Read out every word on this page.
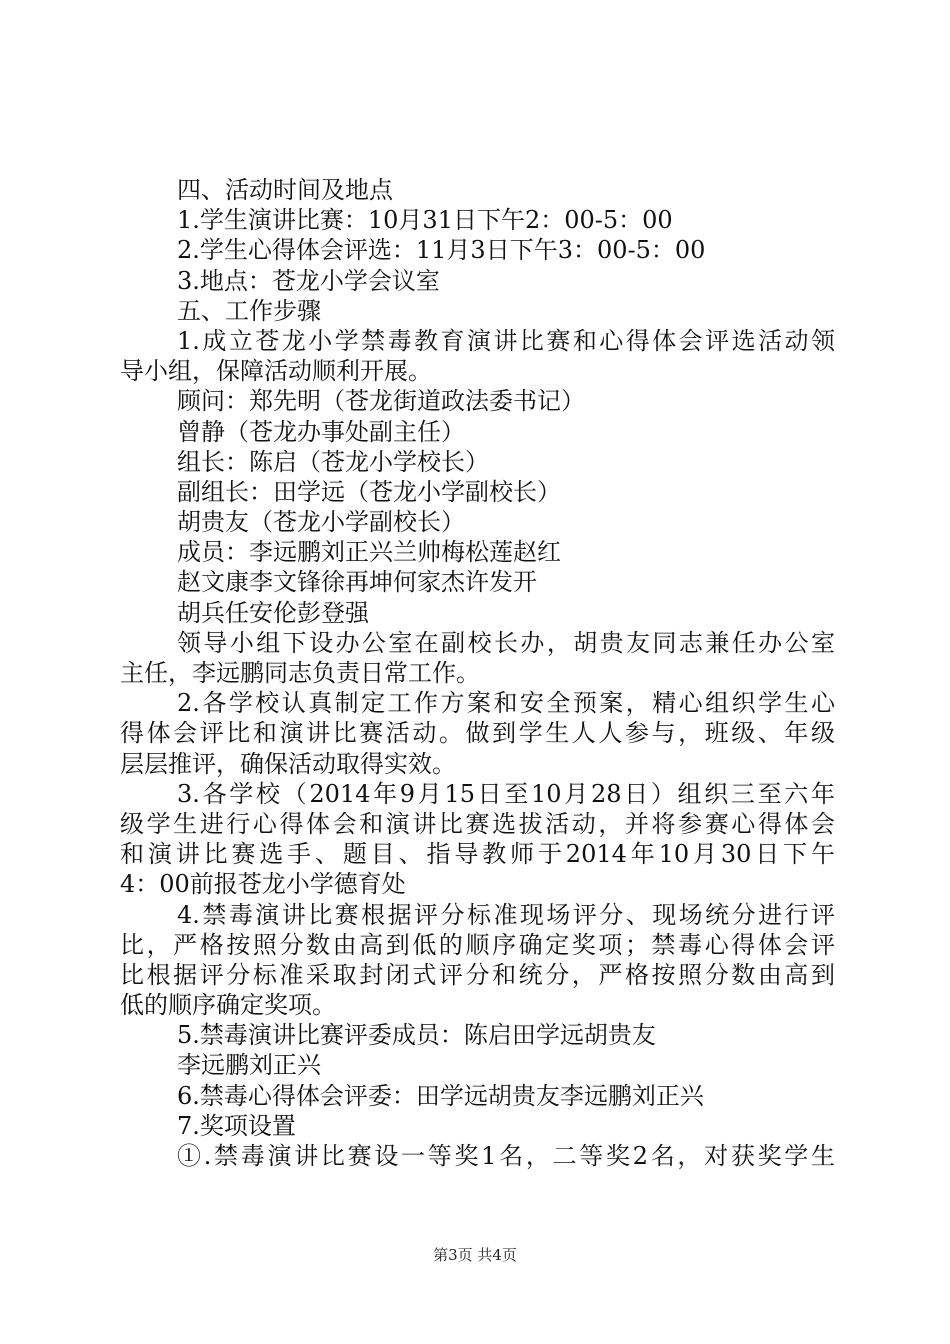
四、活动时间及地点
1.学生演讲比赛：10月31日下午2：00-5：00
2.学生心得体会评选：11月3日下午3：00-5：00
3.地点：苍龙小学会议室
五、工作步骤
1.成立苍龙小学禁毒教育演讲比赛和心得体会评选活动领
导小组，保障活动顺利开展。
顾问：郑先明（苍龙街道政法委书记）
曾静（苍龙办事处副主任）
组长：陈启（苍龙小学校长）
副组长：田学远（苍龙小学副校长）
胡贵友（苍龙小学副校长）
成员：李远鹏刘正兴兰帅梅松莲赵红
赵文康李文锋徐再坤何家杰许发开
胡兵任安伦彭登强
领导小组下设办公室在副校长办，胡贵友同志兼任办公室
主任，李远鹏同志负责日常工作。
2.各学校认真制定工作方案和安全预案，精心组织学生心
得体会评比和演讲比赛活动。做到学生人人参与，班级、年级
层层推评，确保活动取得实效。
3.各学校（2014年9月15日至10月28日）组织三至六年
级学生进行心得体会和演讲比赛选拔活动，并将参赛心得体会
和演讲比赛选手、题目、指导教师于2014年10月30日下午
4：00前报苍龙小学德育处
4.禁毒演讲比赛根据评分标准现场评分、现场统分进行评
比，严格按照分数由高到低的顺序确定奖项；禁毒心得体会评
比根据评分标准采取封闭式评分和统分，严格按照分数由高到
低的顺序确定奖项。
5.禁毒演讲比赛评委成员：陈启田学远胡贵友
李远鹏刘正兴
6.禁毒心得体会评委：田学远胡贵友李远鹏刘正兴
7.奖项设置
①.禁毒演讲比赛设一等奖1名，二等奖2名，对获奖学生
第3页 共4页
